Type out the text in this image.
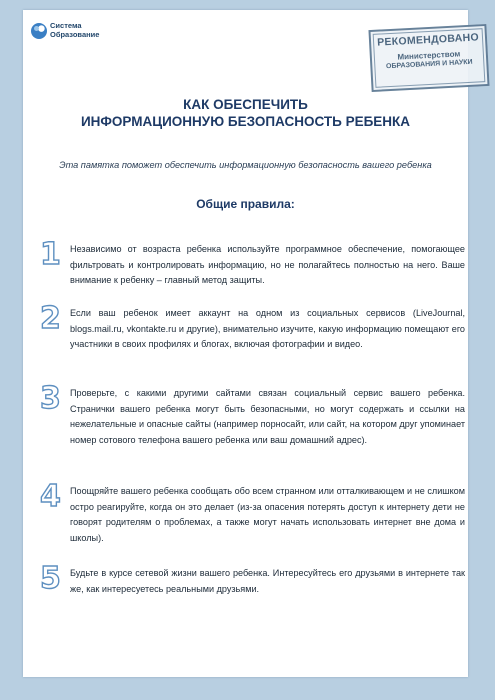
Система
Образование	РЕКОМЕНДОВАНО
Министерством
ОБРАЗОВАНИЯ И НАУКИ
КАК ОБЕСПЕЧИТЬ
ИНФОРМАЦИОННУЮ БЕЗОПАСНОСТЬ РЕБЕНКА
Эта памятка поможет обеспечить информационную безопасность вашего ребенка
Общие правила:
1	Независимо от возраста ребенка используйте программное обеспечение, помогающее фильтровать и контролировать информацию, но не полагайтесь полностью на него. Ваше внимание к ребенку – главный метод защиты.
2	Если ваш ребенок имеет аккаунт на одном из социальных сервисов (LiveJournal, blogs.mail.ru, vkontakte.ru и другие), внимательно изучите, какую информацию помещают его участники в своих профилях и блогах, включая фотографии и видео.
3	Проверьте, с какими другими сайтами связан социальный сервис вашего ребенка. Странички вашего ребенка могут быть безопасными, но могут содержать и ссылки на нежелательные и опасные сайты (например порносайт, или сайт, на котором друг упоминает номер сотового телефона вашего ребенка или ваш домашний адрес).
4	Поощряйте вашего ребенка сообщать обо всем странном или отталкивающем и не слишком остро реагируйте, когда он это делает (из-за опасения потерять доступ к интернету дети не говорят родителям о проблемах, а также могут начать использовать интернет вне дома и школы).
5	Будьте в курсе сетевой жизни вашего ребенка. Интересуйтесь его друзьями в интернете так же, как интересуетесь реальными друзьями.
